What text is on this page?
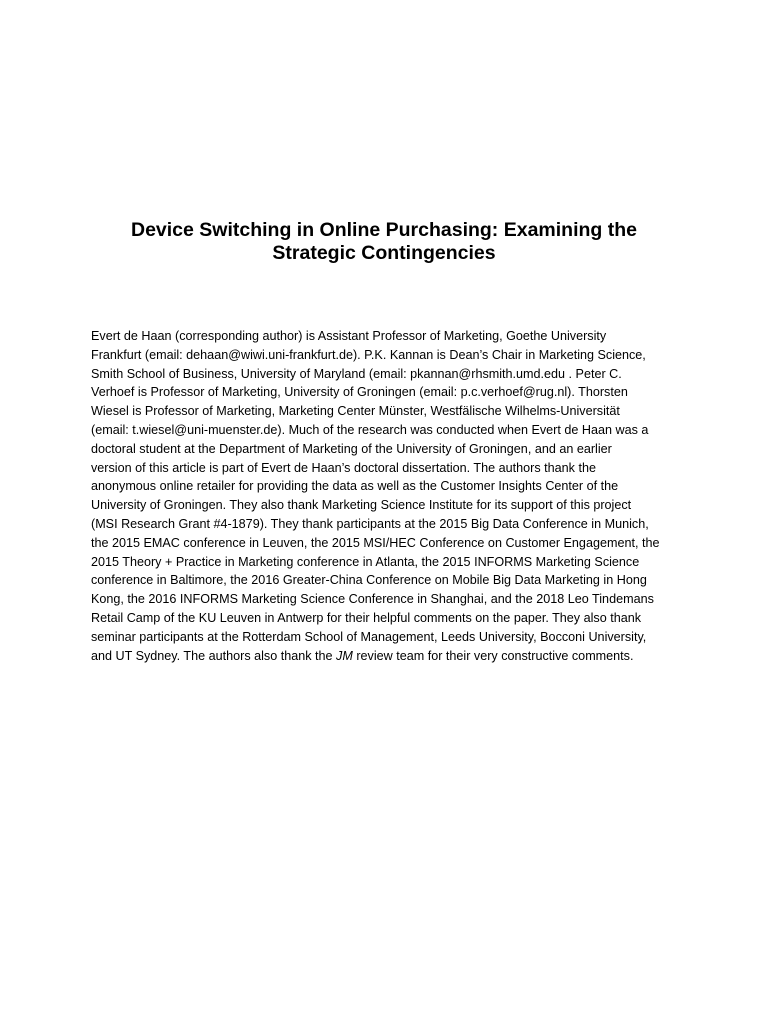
Device Switching in Online Purchasing: Examining the
Strategic Contingencies

Evert de Haan (corresponding author) is Assistant Professor of Marketing, Goethe University
Frankfurt (email: dehaan@wiwi.uni-frankfurt.de). P.K. Kannan is Dean’s Chair in Marketing Science,
Smith School of Business, University of Maryland (email: pkannan@rhsmith.umd.edu . Peter C.
Verhoef is Professor of Marketing, University of Groningen (email: p.c.verhoef@rug.nl). Thorsten
Wiesel is Professor of Marketing, Marketing Center Münster, Westfälische Wilhelms-Universität
(email: t.wiesel@uni-muenster.de). Much of the research was conducted when Evert de Haan was a
doctoral student at the Department of Marketing of the University of Groningen, and an earlier
version of this article is part of Evert de Haan’s doctoral dissertation. The authors thank the
anonymous online retailer for providing the data as well as the Customer Insights Center of the
University of Groningen. They also thank Marketing Science Institute for its support of this project
(MSI Research Grant #4-1879). They thank participants at the 2015 Big Data Conference in Munich,
the 2015 EMAC conference in Leuven, the 2015 MSI/HEC Conference on Customer Engagement, the
2015 Theory + Practice in Marketing conference in Atlanta, the 2015 INFORMS Marketing Science
conference in Baltimore, the 2016 Greater-China Conference on Mobile Big Data Marketing in Hong
Kong, the 2016 INFORMS Marketing Science Conference in Shanghai, and the 2018 Leo Tindemans
Retail Camp of the KU Leuven in Antwerp for their helpful comments on the paper. They also thank
seminar participants at the Rotterdam School of Management, Leeds University, Bocconi University,
and UT Sydney. The authors also thank the JM review team for their very constructive comments.
